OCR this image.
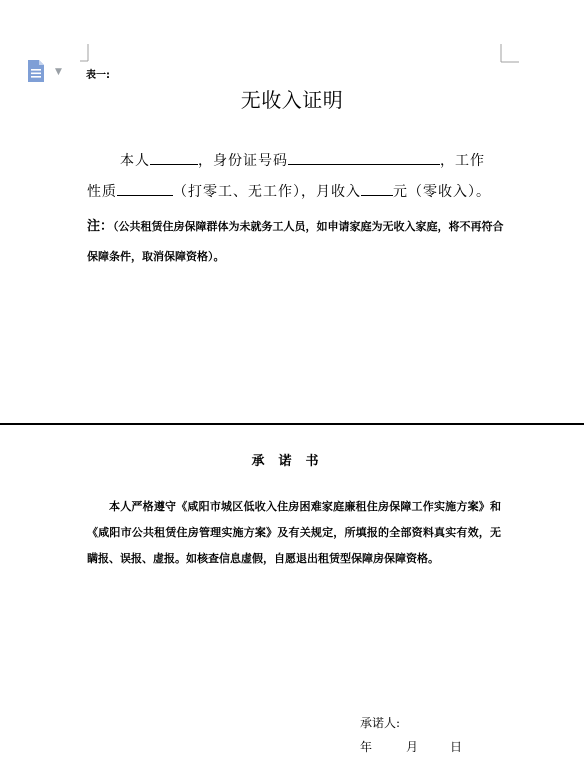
▼ 表一:
无收入证明
本人	，身份证号码	，工作
性质	（打零工、无工作），月收入 元（零收入）。
注：（公共租赁住房保障群体为未就务工人员，如申请家庭为无收入家庭，将不再符合保障条件，取消保障资格）。
承诺书
本人严格遵守《咸阳市城区低收入住房困难家庭廉租住房保障工作实施方案》和《咸阳市公共租赁住房管理实施方案》及有关规定，所填报的全部资料真实有效，无瞒报、误报、虚报。如核查信息虚假，自愿退出租赁型保障房保障资格。
承诺人:
年	月	日
